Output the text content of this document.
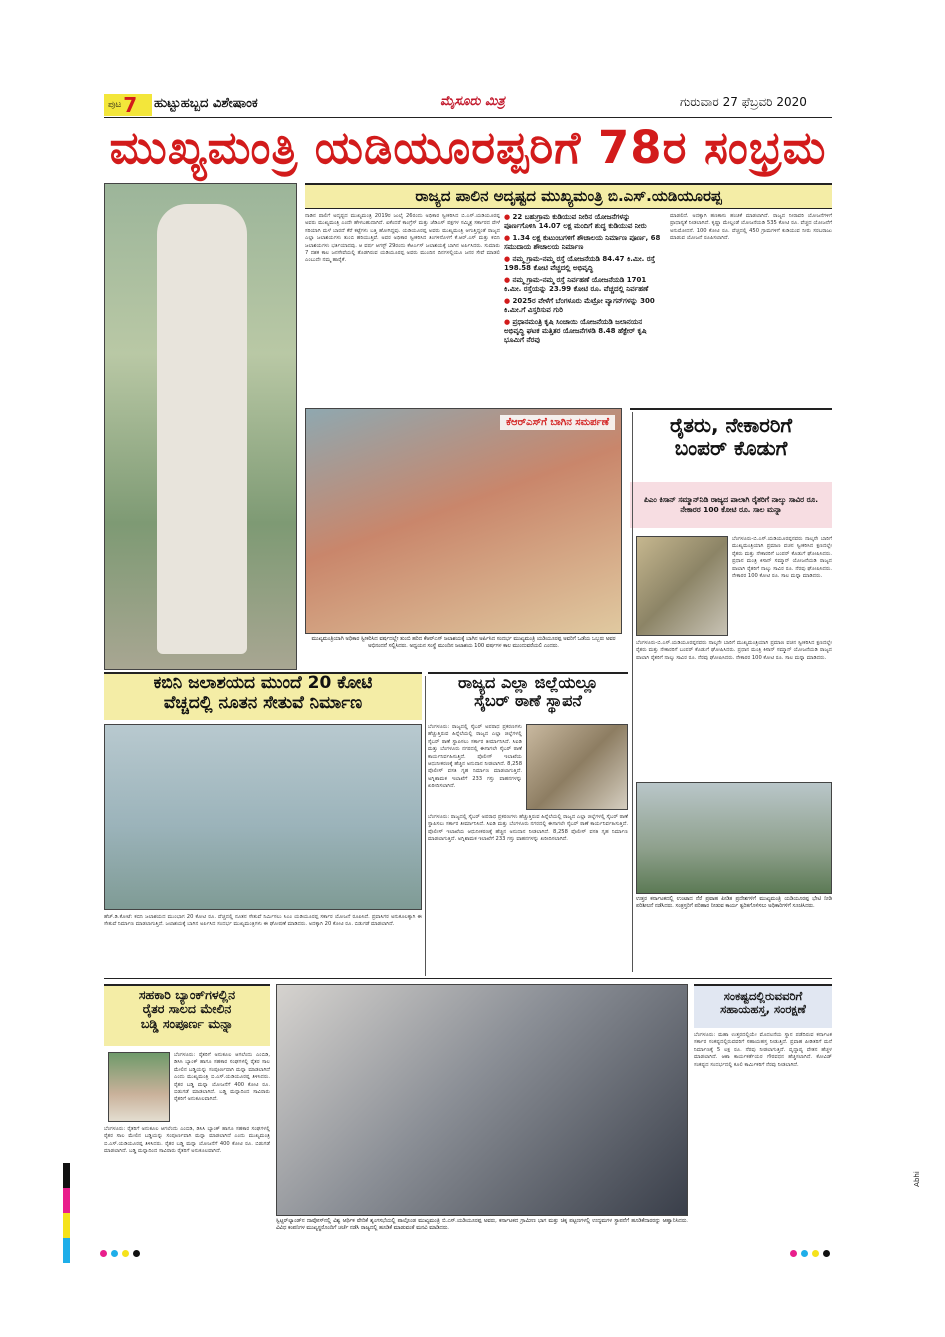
ಪುಟ 7 ಹುಟ್ಟುಹಬ್ಬದ ವಿಶೇಷಾಂಕ	ಮೈಸೂರು ಮಿತ್ರ	ಗುರುವಾರ 27 ಫೆಬ್ರವರಿ 2020
ಮುಖ್ಯಮಂತ್ರಿ ಯಡಿಯೂರಪ್ಪರಿಗೆ 78ರ ಸಂಭ್ರಮ
ರಾಜ್ಯದ ಪಾಲಿನ ಅದೃಷ್ಟದ ಮುಖ್ಯಮಂತ್ರಿ ಬಿ.ಎಸ್.ಯಡಿಯೂರಪ್ಪ
ನಾಡಿನ ಪಾಲಿಗೆ ಅದೃಷ್ಟದ ಮುಖ್ಯಮಂತ್ರಿ 2019ರ ಜುಲೈ 26ರಂದು ಅಧಿಕಾರ ಸ್ವೀಕರಿಸಿದ ಬಿ.ಎಸ್.ಯಡಿಯೂರಪ್ಪ ಅವರು ಮುಖ್ಯಮಂತ್ರಿ ಎಂದೇ ಹೇಳಬಹುದಾಗಿದೆ. ಏಕೆಂದರೆ ಕಾಂಗ್ರೆಸ್ ಮತ್ತು ಜೆಡಿಎಸ್ ಪಕ್ಷಗಳ ಸಮ್ಮಿಶ್ರ ಸರ್ಕಾರದ ವೇಳೆ ಸರಿಯಾಗಿ ಮಳೆ ಬಾರದೆ ಕೆರೆ ಕಟ್ಟೆಗಳು ಬತ್ತಿ ಹೋಗಿದ್ದವು. ಯಡಿಯೂರಪ್ಪ ಅವರು ಮುಖ್ಯಮಂತ್ರಿ ಆಗುತ್ತಿದ್ದಂತೆ ರಾಜ್ಯದ ಎಲ್ಲಾ ಜಲಾಶಯಗಳು ತುಂಬಿ ಹರಿಯುತ್ತಿವೆ. ಅವರ ಅಧಿಕಾರ ಸ್ವೀಕರಿಸಿದ ತಿಂಗಳಿನೊಳಗೆ ಕೆ.ಆರ್.ಎಸ್ ಮತ್ತು ಕಬಿನಿ ಜಲಾಶಯಗಳು ಭರ್ತಿಯಾದವು. ಆ ವರ್ಷ ಆಗಸ್ಟ್ 29ರಂದು ಕೆಆರ್ಎಸ್ ಜಲಾಶಯಕ್ಕೆ ಬಾಗಿನ ಅರ್ಪಿಸಿದರು. ಸುಮಾರು 7 ದಶಕ ಕಾಲ ಜನಸೇವೆಯಲ್ಲಿ ತೊಡಗಿರುವ ಯಡಿಯೂರಪ್ಪ ಅವರು ಮುಂದಿನ ದಿನಗಳಲ್ಲಿಯೂ ಜನರ ಸೇವೆ ಮಾಡಲಿ ಎಂಬುದೇ ನಮ್ಮ ಹಾರೈಕೆ.
● 22 ಬಹುಗ್ರಾಮ ಕುಡಿಯುವ ನೀರಿನ ಯೋಜನೆಗಳನ್ನು ಪೂರ್ಣಗೊಳಿಸಿ 14.07 ಲಕ್ಷ ಮಂದಿಗೆ ಶುದ್ಧ ಕುಡಿಯುವ ನೀರು
● 1.34 ಲಕ್ಷ ಕುಟುಂಬಗಳಿಗೆ ಶೌಚಾಲಯ ನಿರ್ಮಾಣ ಪೂರ್ಣ, 68 ಸಮುದಾಯ ಶೌಚಾಲಯ ನಿರ್ಮಾಣ
● ನಮ್ಮ ಗ್ರಾಮ-ನಮ್ಮ ರಸ್ತೆ ಯೋಜನೆಯಡಿ 84.47 ಕಿ.ಮೀ. ರಸ್ತೆ 198.58 ಕೋಟಿ ವೆಚ್ಚದಲ್ಲಿ ಅಭಿವೃದ್ಧಿ
● ನಮ್ಮ ಗ್ರಾಮ-ನಮ್ಮ ರಸ್ತೆ ನಿರ್ವಹಣೆ ಯೋಜನೆಯಡಿ 1701 ಕಿ.ಮೀ. ರಸ್ತೆಯನ್ನು 23.99 ಕೋಟಿ ರೂ. ವೆಚ್ಚದಲ್ಲಿ ನಿರ್ವಹಣೆ
● 2025ರ ವೇಳೆಗೆ ಬೆಂಗಳೂರು ಮೆಟ್ರೋ ವ್ಯಾಗನ್‌ಗಳನ್ನು 300 ಕಿ.ಮೀ.ಗೆ ವಿಸ್ತರಿಸುವ ಗುರಿ
● ಪ್ರಧಾನಮಂತ್ರಿ ಕೃಷಿ ಸಿಂಚಾಯಿ ಯೋಜನೆಯಡಿ ಜಲಾನಯನ ಅಭಿವೃದ್ಧಿ ಘಟಕ ಮತ್ತಿತರ ಯೋಜನೆಗಳಡಿ 8.48 ಹೆಕ್ಟೇರ್ ಕೃಷಿ ಭೂಮಿಗೆ ನೆರವು
ಮಾಡಲಿದೆ. ಅದಕ್ಕಾಗಿ ಹಣಕಾಸು ಹಂಚಿಕೆ ಮಾಡಲಾಗಿದೆ. ರಾಜ್ಯದ ನೀರಾವರಿ ಯೋಜನೆಗಳಿಗೆ ಪ್ರಾಧಾನ್ಯತೆ ನೀಡಲಾಗಿದೆ. ಕೃಷ್ಣಾ ಮೇಲ್ದಂಡೆ ಯೋಜನೆಯಡಿ 535 ಕೋಟಿ ರೂ. ವೆಚ್ಚದ ಯೋಜನೆಗೆ ಅನುಮೋದನೆ. 100 ಕೋಟಿ ರೂ. ವೆಚ್ಚದಲ್ಲಿ 450 ಗ್ರಾಮಗಳಿಗೆ ಕುಡಿಯುವ ನೀರು ಸರಬರಾಜು ಮಾಡುವ ಯೋಜನೆ ರೂಪಿಸಲಾಗಿದೆ.
ಕೆಆರ್‌ಎಸ್‌ಗೆ ಬಾಗಿನ ಸಮರ್ಪಣೆ
ಮುಖ್ಯಮಂತ್ರಿಯಾಗಿ ಅಧಿಕಾರ ಸ್ವೀಕರಿಸಿದ ವರ್ಷದಲ್ಲೇ ತುಂಬಿ ಹರಿದ ಕೆಆರ್‌ಎಸ್ ಜಲಾಶಯಕ್ಕೆ ಬಾಗಿನ ಅರ್ಪಿಸಿದ ಸಂದರ್ಭ ಮುಖ್ಯಮಂತ್ರಿ ಯಡಿಯೂರಪ್ಪ ಅವರಿಗೆ ಒಡೆಯ ಒಬ್ಬರು ಅವರ ಅಭಿನಂದನೆ ಸಲ್ಲಿಸಿದರು. ಅಧ್ಯಯನ ಸಂಸ್ಥೆ ಮುಂದಿನ ಜಲಾಶಯ 100 ವರ್ಷಗಳ ಕಾಲ ಮುಂದುವರೆಯಲಿ ಎಂದರು.
ರೈತರು, ನೇಕಾರರಿಗೆ
ಬಂಪರ್ ಕೊಡುಗೆ
ಪಿಎಂ ಕಿಸಾನ್ ಸಮ್ಮಾನ್‌ನಿಡಿ ರಾಜ್ಯದ ಪಾಲಾಗಿ ರೈತರಿಗೆ ನಾಲ್ಕು ಸಾವಿರ ರೂ. ನೇಕಾರರ 100 ಕೋಟಿ ರೂ. ಸಾಲ ಮನ್ನಾ
ಬೆಂಗಳೂರು-ಬಿ.ಎಸ್.ಯಡಿಯೂರಪ್ಪನವರು ನಾಲ್ಕನೇ ಬಾರಿಗೆ ಮುಖ್ಯಮಂತ್ರಿಯಾಗಿ ಪ್ರಮಾಣ ವಚನ ಸ್ವೀಕರಿಸಿದ ಕ್ಷಣದಲ್ಲೇ ರೈತರು ಮತ್ತು ನೇಕಾರರಿಗೆ ಬಂಪರ್ ಕೊಡುಗೆ ಘೋಷಿಸಿದರು. ಪ್ರಧಾನ ಮಂತ್ರಿ ಕಿಸಾನ್ ಸಮ್ಮಾನ್ ಯೋಜನೆಯಡಿ ರಾಜ್ಯದ ಪಾಲಾಗಿ ರೈತರಿಗೆ ನಾಲ್ಕು ಸಾವಿರ ರೂ. ನೆರವು ಘೋಷಿಸಿದರು. ನೇಕಾರರ 100 ಕೋಟಿ ರೂ. ಸಾಲ ಮನ್ನಾ ಮಾಡಿದರು.
ಬೆಂಗಳೂರು-ಬಿ.ಎಸ್.ಯಡಿಯೂರಪ್ಪನವರು ನಾಲ್ಕನೇ ಬಾರಿಗೆ ಮುಖ್ಯಮಂತ್ರಿಯಾಗಿ ಪ್ರಮಾಣ ವಚನ ಸ್ವೀಕರಿಸಿದ ಕ್ಷಣದಲ್ಲೇ ರೈತರು ಮತ್ತು ನೇಕಾರರಿಗೆ ಬಂಪರ್ ಕೊಡುಗೆ ಘೋಷಿಸಿದರು. ಪ್ರಧಾನ ಮಂತ್ರಿ ಕಿಸಾನ್ ಸಮ್ಮಾನ್ ಯೋಜನೆಯಡಿ ರಾಜ್ಯದ ಪಾಲಾಗಿ ರೈತರಿಗೆ ನಾಲ್ಕು ಸಾವಿರ ರೂ. ನೆರವು ಘೋಷಿಸಿದರು. ನೇಕಾರರ 100 ಕೋಟಿ ರೂ. ಸಾಲ ಮನ್ನಾ ಮಾಡಿದರು.
ಉತ್ತರ ಕರ್ನಾಟಕದಲ್ಲಿ ಉಂಟಾದ ನೆರೆ ಪ್ರವಾಹ ಪೀಡಿತ ಪ್ರದೇಶಗಳಿಗೆ ಮುಖ್ಯಮಂತ್ರಿ ಯಡಿಯೂರಪ್ಪ ಭೇಟಿ ನೀಡಿ ಪರಿಶೀಲನೆ ನಡೆಸಿದರು. ಸಂತ್ರಸ್ತರಿಗೆ ಪರಿಹಾರ ನೀಡುವ ಕಾರ್ಯ ತ್ವರಿತಗೊಳಿಸಲು ಅಧಿಕಾರಿಗಳಿಗೆ ಸೂಚಿಸಿದರು.
ಕಬಿನಿ ಜಲಾಶಯದ ಮುಂದೆ 20 ಕೋಟಿ
ವೆಚ್ಚದಲ್ಲಿ ನೂತನ ಸೇತುವೆ ನಿರ್ಮಾಣ
ಹೆಚ್.ಡಿ.ಕೋಟೆ: ಕಬಿನಿ ಜಲಾಶಯದ ಮುಂಭಾಗ 20 ಕೋಟಿ ರೂ. ವೆಚ್ಚದಲ್ಲಿ ನೂತನ ಸೇತುವೆ ನಿರ್ಮಿಸಲು ಸಿಎಂ ಯಡಿಯೂರಪ್ಪ ಸರ್ಕಾರ ಯೋಜನೆ ರೂಪಿಸಿದೆ. ಪ್ರವಾಸಿಗರ ಅನುಕೂಲಕ್ಕಾಗಿ ಈ ಸೇತುವೆ ನಿರ್ಮಾಣ ಮಾಡಲಾಗುತ್ತಿದೆ. ಜಲಾಶಯಕ್ಕೆ ಬಾಗಿನ ಅರ್ಪಿಸಿದ ಸಂದರ್ಭ ಮುಖ್ಯಮಂತ್ರಿಗಳು ಈ ಘೋಷಣೆ ಮಾಡಿದರು. ಅದಕ್ಕಾಗಿ 20 ಕೋಟಿ ರೂ. ಬಿಡುಗಡೆ ಮಾಡಲಾಗಿದೆ.
ರಾಜ್ಯದ ಎಲ್ಲಾ ಜಿಲ್ಲೆಯಲ್ಲೂ
ಸೈಬರ್ ಠಾಣೆ ಸ್ಥಾಪನೆ
ಬೆಂಗಳೂರು: ರಾಜ್ಯದಲ್ಲಿ ಸೈಬರ್ ಅಪರಾಧ ಪ್ರಕರಣಗಳು ಹೆಚ್ಚುತ್ತಿರುವ ಹಿನ್ನೆಲೆಯಲ್ಲಿ ರಾಜ್ಯದ ಎಲ್ಲಾ ಜಿಲ್ಲೆಗಳಲ್ಲಿ ಸೈಬರ್ ಠಾಣೆ ಸ್ಥಾಪಿಸಲು ಸರ್ಕಾರ ತೀರ್ಮಾನಿಸಿದೆ. ಸಿಐಡಿ ಮತ್ತು ಬೆಂಗಳೂರು ನಗರದಲ್ಲಿ ಈಗಾಗಲೇ ಸೈಬರ್ ಠಾಣೆ ಕಾರ್ಯನಿರ್ವಹಿಸುತ್ತಿದೆ. ಪೊಲೀಸ್ ಇಲಾಖೆಯ ಆಧುನೀಕರಣಕ್ಕೆ ಹೆಚ್ಚಿನ ಅನುದಾನ ನೀಡಲಾಗಿದೆ. 8,258 ಪೊಲೀಸ್ ವಸತಿ ಗೃಹ ನಿರ್ಮಾಣ ಮಾಡಲಾಗುತ್ತಿದೆ. ಅಗ್ನಿಶಾಮಕ ಇಲಾಖೆಗೆ 233 ಗಸ್ತು ವಾಹನಗಳನ್ನು ಖರೀದಿಸಲಾಗಿದೆ.
ಬೆಂಗಳೂರು: ರಾಜ್ಯದಲ್ಲಿ ಸೈಬರ್ ಅಪರಾಧ ಪ್ರಕರಣಗಳು ಹೆಚ್ಚುತ್ತಿರುವ ಹಿನ್ನೆಲೆಯಲ್ಲಿ ರಾಜ್ಯದ ಎಲ್ಲಾ ಜಿಲ್ಲೆಗಳಲ್ಲಿ ಸೈಬರ್ ಠಾಣೆ ಸ್ಥಾಪಿಸಲು ಸರ್ಕಾರ ತೀರ್ಮಾನಿಸಿದೆ. ಸಿಐಡಿ ಮತ್ತು ಬೆಂಗಳೂರು ನಗರದಲ್ಲಿ ಈಗಾಗಲೇ ಸೈಬರ್ ಠಾಣೆ ಕಾರ್ಯನಿರ್ವಹಿಸುತ್ತಿದೆ. ಪೊಲೀಸ್ ಇಲಾಖೆಯ ಆಧುನೀಕರಣಕ್ಕೆ ಹೆಚ್ಚಿನ ಅನುದಾನ ನೀಡಲಾಗಿದೆ. 8,258 ಪೊಲೀಸ್ ವಸತಿ ಗೃಹ ನಿರ್ಮಾಣ ಮಾಡಲಾಗುತ್ತಿದೆ. ಅಗ್ನಿಶಾಮಕ ಇಲಾಖೆಗೆ 233 ಗಸ್ತು ವಾಹನಗಳನ್ನು ಖರೀದಿಸಲಾಗಿದೆ.
ಸಹಕಾರಿ ಬ್ಯಾಂಕ್‌ಗಳಲ್ಲಿನ
ರೈತರ ಸಾಲದ ಮೇಲಿನ
ಬಡ್ಡಿ ಸಂಪೂರ್ಣ ಮನ್ನಾ
ಬೆಂಗಳೂರು: ರೈತರಿಗೆ ಅನುಕೂಲ ಆಗಲೆಂದು ಎಂಬಿಡಿ, ಡಿಸಿಸಿ ಬ್ಯಾಂಕ್ ಹಾಗೂ ಸಹಕಾರ ಸಂಘಗಳಲ್ಲಿ ರೈತರ ಸಾಲ ಮೇಲಿನ ಬಡ್ಡಿಯನ್ನು ಸಂಪೂರ್ಣವಾಗಿ ಮನ್ನಾ ಮಾಡಲಾಗಿದೆ ಎಂದು ಮುಖ್ಯಮಂತ್ರಿ ಬಿ.ಎಸ್.ಯಡಿಯೂರಪ್ಪ ತಿಳಿಸಿದರು. ರೈತರ ಬಡ್ಡಿ ಮನ್ನಾ ಯೋಜನೆಗೆ 400 ಕೋಟಿ ರೂ. ಬಿಡುಗಡೆ ಮಾಡಲಾಗಿದೆ. ಬಡ್ಡಿ ಮನ್ನಾದಿಂದ ಸಾವಿರಾರು ರೈತರಿಗೆ ಅನುಕೂಲವಾಗಿದೆ.
ಬೆಂಗಳೂರು: ರೈತರಿಗೆ ಅನುಕೂಲ ಆಗಲೆಂದು ಎಂಬಿಡಿ, ಡಿಸಿಸಿ ಬ್ಯಾಂಕ್ ಹಾಗೂ ಸಹಕಾರ ಸಂಘಗಳಲ್ಲಿ ರೈತರ ಸಾಲ ಮೇಲಿನ ಬಡ್ಡಿಯನ್ನು ಸಂಪೂರ್ಣವಾಗಿ ಮನ್ನಾ ಮಾಡಲಾಗಿದೆ ಎಂದು ಮುಖ್ಯಮಂತ್ರಿ ಬಿ.ಎಸ್.ಯಡಿಯೂರಪ್ಪ ತಿಳಿಸಿದರು. ರೈತರ ಬಡ್ಡಿ ಮನ್ನಾ ಯೋಜನೆಗೆ 400 ಕೋಟಿ ರೂ. ಬಿಡುಗಡೆ ಮಾಡಲಾಗಿದೆ. ಬಡ್ಡಿ ಮನ್ನಾದಿಂದ ಸಾವಿರಾರು ರೈತರಿಗೆ ಅನುಕೂಲವಾಗಿದೆ.
ಸ್ವಿಟ್ಜರ್‌ಲ್ಯಾಂಡ್‌ನ ದಾವೋಸ್‌ನಲ್ಲಿ ವಿಶ್ವ ಆರ್ಥಿಕ ವೇದಿಕೆ ಶೃಂಗಸಭೆಯಲ್ಲಿ ಪಾಲ್ಗೊಂಡ ಮುಖ್ಯಮಂತ್ರಿ ಬಿ.ಎಸ್.ಯಡಿಯೂರಪ್ಪ ಅವರು, ಕರ್ನಾಟಕದ ಗ್ರಾಮೀಣ ಭಾಗ ಮತ್ತು ಚಿಕ್ಕ ಪಟ್ಟಣಗಳಲ್ಲಿ ಉದ್ಯಮಗಳ ಸ್ಥಾಪನೆಗೆ ಹೂಡಿಕೆದಾರರನ್ನು ಆಹ್ವಾನಿಸಿದರು. ವಿವಿಧ ಕಂಪನಿಗಳ ಮುಖ್ಯಸ್ಥರೊಂದಿಗೆ ಚರ್ಚೆ ನಡೆಸಿ ರಾಜ್ಯದಲ್ಲಿ ಹೂಡಿಕೆ ಮಾಡುವಂತೆ ಮನವಿ ಮಾಡಿದರು.
ಸಂಕಷ್ಟದಲ್ಲಿರುವವರಿಗೆ
ಸಹಾಯಹಸ್ತ, ಸಂರಕ್ಷಣೆ
ಬೆಂಗಳೂರು: ಮಹಾ ಉತ್ತರದಲ್ಲಿಯೇ ಮೊದಲನೆಯ ಸ್ಥಾನ ಪಡೆದಿರುವ ಕರ್ನಾಟಕ ಸರ್ಕಾರ ಸಂಕಷ್ಟದಲ್ಲಿರುವವರಿಗೆ ಸಹಾಯಹಸ್ತ ನೀಡುತ್ತಿದೆ. ಪ್ರವಾಹ ಪೀಡಿತರಿಗೆ ಮನೆ ನಿರ್ಮಾಣಕ್ಕೆ 5 ಲಕ್ಷ ರೂ. ನೆರವು ನೀಡಲಾಗುತ್ತಿದೆ. ವೃದ್ಧಾಪ್ಯ ವೇತನ ಹೆಚ್ಚಳ ಮಾಡಲಾಗಿದೆ. ಆಶಾ ಕಾರ್ಯಕರ್ತೆಯರ ಗೌರವಧನ ಹೆಚ್ಚಿಸಲಾಗಿದೆ. ಕೋವಿಡ್ ಸಂಕಷ್ಟದ ಸಂದರ್ಭದಲ್ಲಿ ಕೂಲಿ ಕಾರ್ಮಿಕರಿಗೆ ನೆರವು ನೀಡಲಾಗಿದೆ.
Abhi
